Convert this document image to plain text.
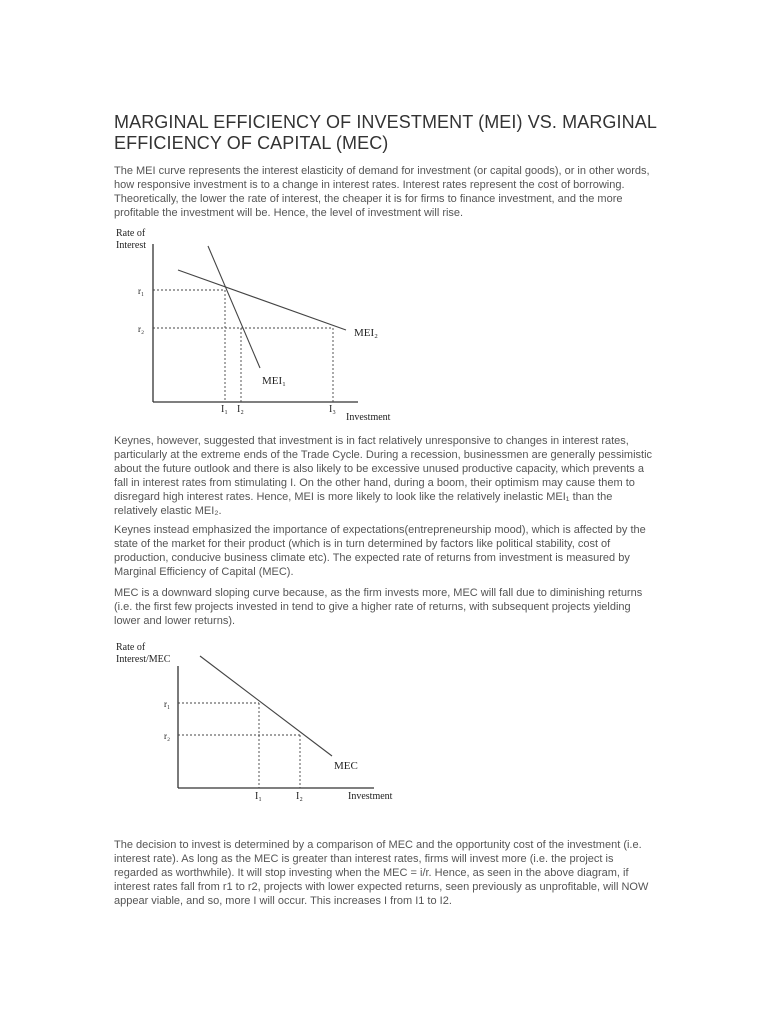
MARGINAL EFFICIENCY OF INVESTMENT (MEI) VS. MARGINAL EFFICIENCY OF CAPITAL (MEC)

The MEI curve represents the interest elasticity of demand for investment (or capital goods), or in other words, how responsive investment is to a change in interest rates. Interest rates represent the cost of borrowing. Theoretically, the lower the rate of interest, the cheaper it is for firms to finance investment, and the more profitable the investment will be. Hence, the level of investment will rise.

Rate of
Interest
r₁
r₂
I₁ I₂	I₃
Investment
MEI₁
MEI₂

Keynes, however, suggested that investment is in fact relatively unresponsive to changes in interest rates, particularly at the extreme ends of the Trade Cycle. During a recession, businessmen are generally pessimistic about the future outlook and there is also likely to be excessive unused productive capacity, which prevents a fall in interest rates from stimulating I. On the other hand, during a boom, their optimism may cause them to disregard high interest rates. Hence, MEI is more likely to look like the relatively inelastic MEI₁ than the relatively elastic MEI₂.

Keynes instead emphasized the importance of expectations(entrepreneurship mood), which is affected by the state of the market for their product (which is in turn determined by factors like political stability, cost of production, conducive business climate etc). The expected rate of returns from investment is measured by Marginal Efficiency of Capital (MEC).

MEC is a downward sloping curve because, as the firm invests more, MEC will fall due to diminishing returns (i.e. the first few projects invested in tend to give a higher rate of returns, with subsequent projects yielding lower and lower returns).

Rate of
Interest/MEC
r₁
r₂
I₁	I₂	Investment
MEC

The decision to invest is determined by a comparison of MEC and the opportunity cost of the investment (i.e. interest rate). As long as the MEC is greater than interest rates, firms will invest more (i.e. the project is regarded as worthwhile). It will stop investing when the MEC = i/r. Hence, as seen in the above diagram, if interest rates fall from r1 to r2, projects with lower expected returns, seen previously as unprofitable, will NOW appear viable, and so, more I will occur. This increases I from I1 to I2.
